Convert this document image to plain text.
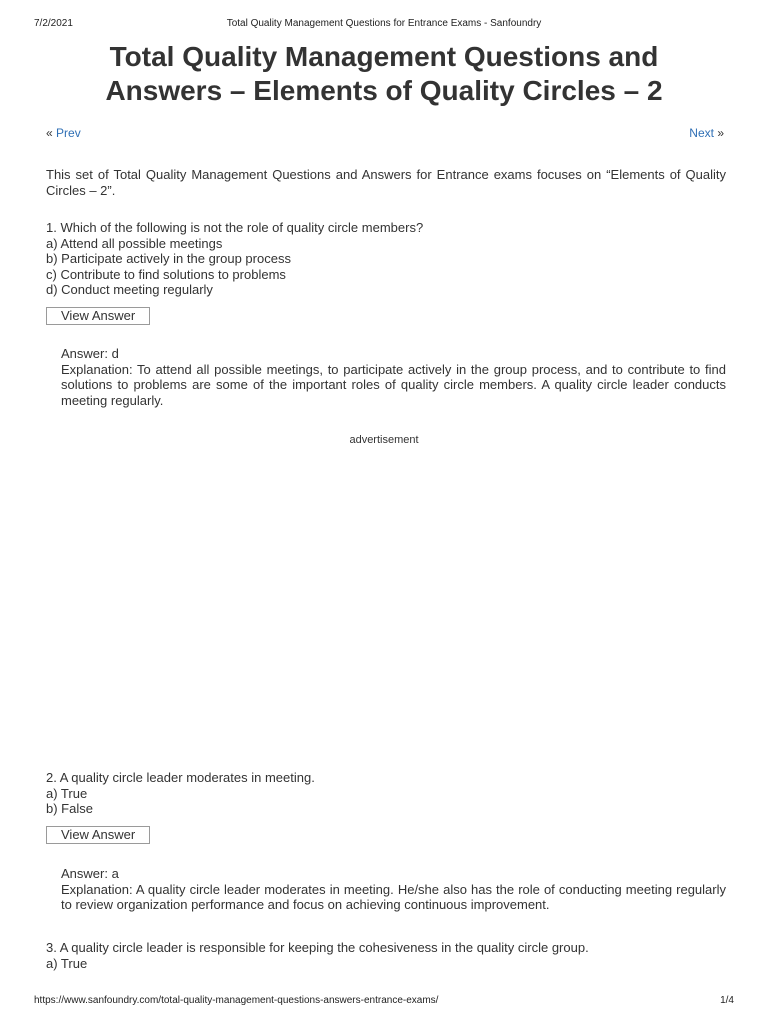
7/2/2021	Total Quality Management Questions for Entrance Exams - Sanfoundry
Total Quality Management Questions and Answers – Elements of Quality Circles – 2
« Prev	Next »
This set of Total Quality Management Questions and Answers for Entrance exams focuses on “Elements of Quality Circles – 2”.

1. Which of the following is not the role of quality circle members?

a) Attend all possible meetings

b) Participate actively in the group process

c) Contribute to find solutions to problems

d) Conduct meeting regularly

View Answer

Answer: d

Explanation: To attend all possible meetings, to participate actively in the group process, and to contribute to find solutions to problems are some of the important roles of quality circle members. A quality circle leader conducts meeting regularly.

advertisement

2. A quality circle leader moderates in meeting.

a) True

b) False

View Answer

Answer: a

Explanation: A quality circle leader moderates in meeting. He/she also has the role of conducting meeting regularly to review organization performance and focus on achieving continuous improvement.

3. A quality circle leader is responsible for keeping the cohesiveness in the quality circle group.

a) True

https://www.sanfoundry.com/total-quality-management-questions-answers-entrance-exams/	1/4
